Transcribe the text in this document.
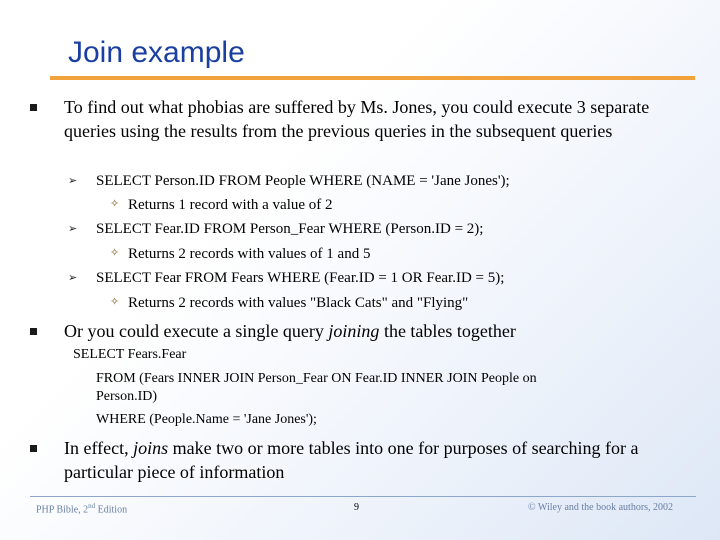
Join example
To find out what phobias are suffered by Ms. Jones, you could execute 3 separate queries using the results from the previous queries in the subsequent queries
➢ SELECT Person.ID FROM People WHERE (NAME = 'Jane Jones');
✧ Returns 1 record with a value of 2
➢ SELECT Fear.ID FROM Person_Fear WHERE (Person.ID = 2);
✧ Returns 2 records with values of 1 and 5
➢ SELECT Fear FROM Fears WHERE (Fear.ID = 1 OR Fear.ID = 5);
✧ Returns 2 records with values "Black Cats" and "Flying"
Or you could execute a single query joining the tables together
SELECT Fears.Fear
FROM (Fears INNER JOIN Person_Fear ON Fear.ID INNER JOIN People on
Person.ID)
WHERE (People.Name = 'Jane Jones');
In effect, joins make two or more tables into one for purposes of searching for a particular piece of information
PHP Bible, 2nd Edition	9	© Wiley and the book authors, 2002
